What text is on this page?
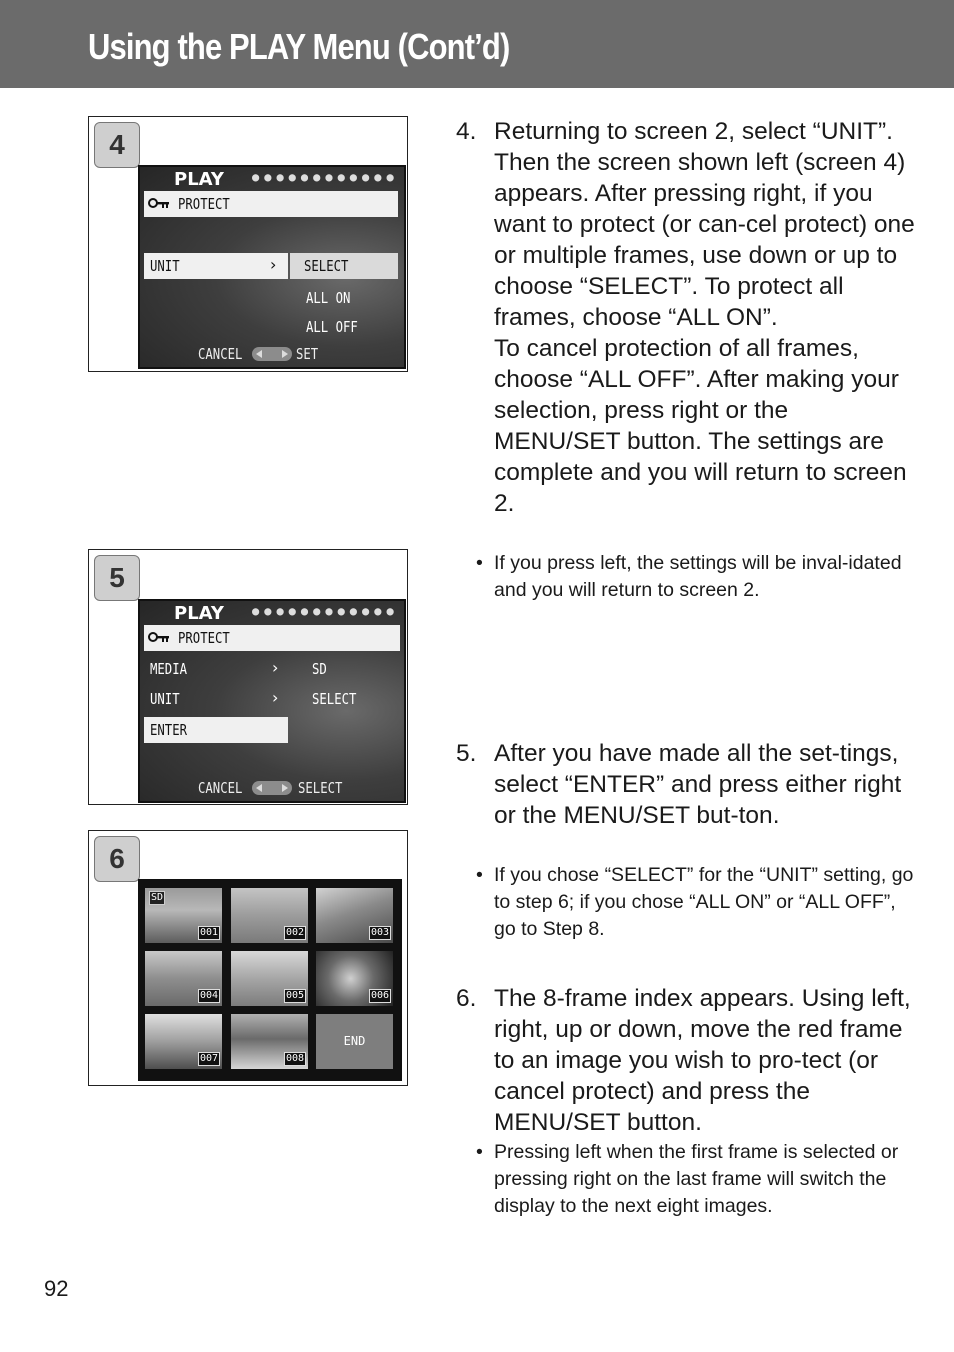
Using the PLAY Menu (Cont’d)
4
PLAY ●●●●●●●●●●●●
PROTECT
UNIT	› SELECT
ALL ON
ALL OFF
CANCEL	SET
5
PLAY ●●●●●●●●●●●●
PROTECT
MEDIA	› SD
UNIT	› SELECT
ENTER
CANCEL	SELECT
6
SD
001	002	003
004	005	006
007	008
END
4. Returning to screen 2, select “UNIT”. Then the screen shown left (screen 4) appears. After pressing right, if you want to protect (or can-cel protect) one or multiple frames, use down or up to choose “SELECT”. To protect all frames, choose “ALL ON”.

To cancel protection of all frames, choose “ALL OFF”. After making your selection, press right or the MENU/SET button. The settings are complete and you will return to screen 2.

• If you press left, the settings will be inval-idated and you will return to screen 2.
5. After you have made all the set-tings, select “ENTER” and press either right or the MENU/SET but-ton.

• If you chose “SELECT” for the “UNIT” setting, go to step 6; if you chose “ALL ON” or “ALL OFF”, go to Step 8.
6. The 8-frame index appears. Using left, right, up or down, move the red frame to an image you wish to pro-tect (or cancel protect) and press the MENU/SET button.

• Pressing left when the first frame is selected or pressing right on the last frame will switch the display to the next eight images.
92
